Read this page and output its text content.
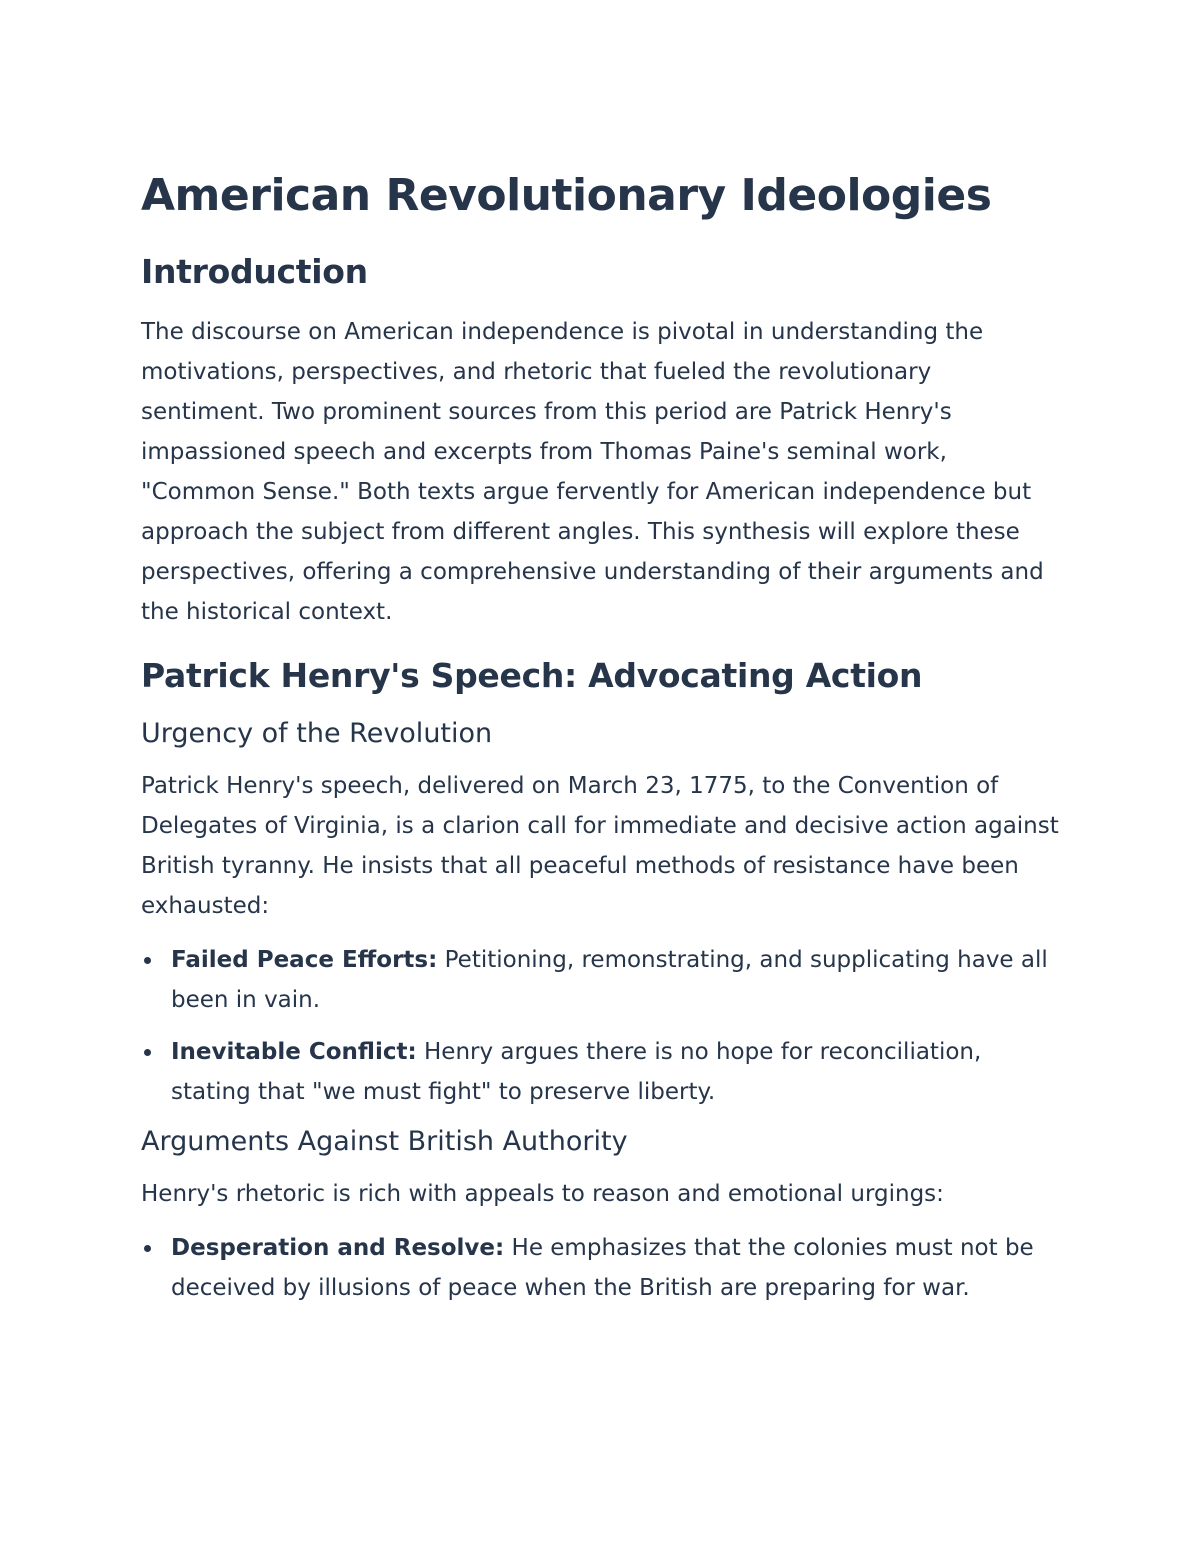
American Revolutionary Ideologies
Introduction

The discourse on American independence is pivotal in understanding the motivations, perspectives, and rhetoric that fueled the revolutionary sentiment. Two prominent sources from this period are Patrick Henry's impassioned speech and excerpts from Thomas Paine's seminal work, "Common Sense." Both texts argue fervently for American independence but approach the subject from different angles. This synthesis will explore these perspectives, offering a comprehensive understanding of their arguments and the historical context.

Patrick Henry's Speech: Advocating Action
Urgency of the Revolution

Patrick Henry's speech, delivered on March 23, 1775, to the Convention of Delegates of Virginia, is a clarion call for immediate and decisive action against British tyranny. He insists that all peaceful methods of resistance have been exhausted:

Failed Peace Efforts: Petitioning, remonstrating, and supplicating have all been in vain.
Inevitable Conflict: Henry argues there is no hope for reconciliation, stating that "we must fight" to preserve liberty.
Arguments Against British Authority

Henry's rhetoric is rich with appeals to reason and emotional urgings:

Desperation and Resolve: He emphasizes that the colonies must not be deceived by illusions of peace when the British are preparing for war.
